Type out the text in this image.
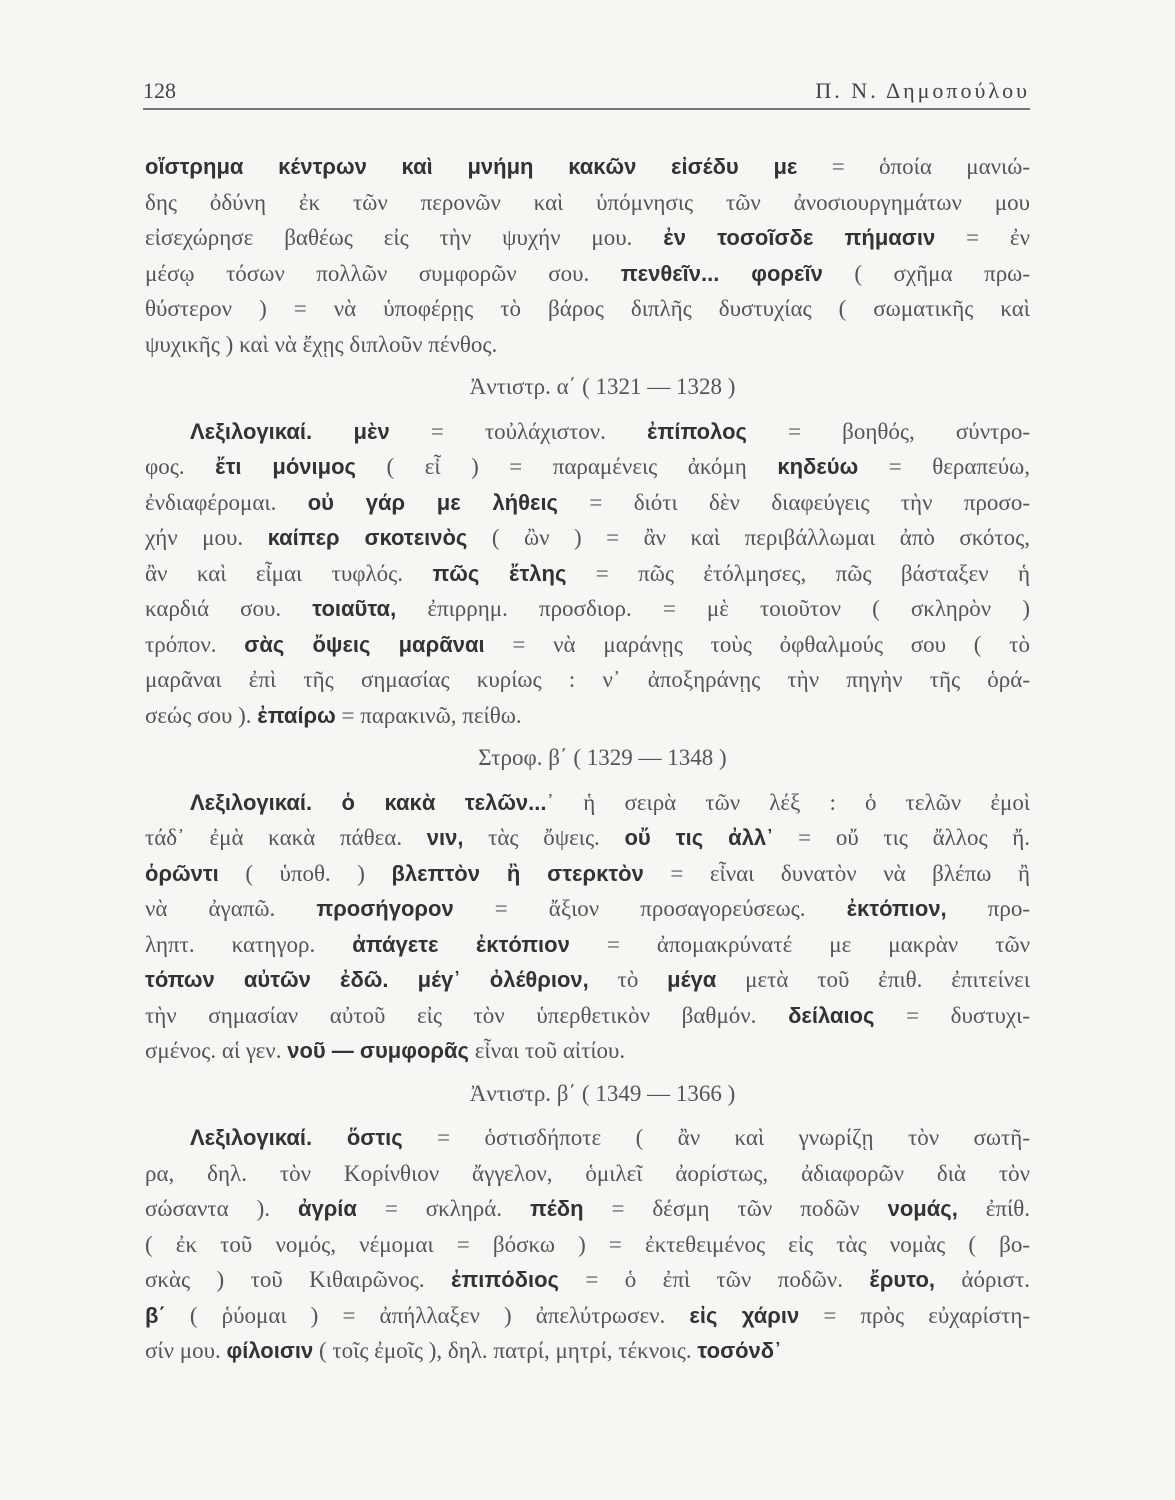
128	Π. Ν. Δημοπούλου
οἴστρημα κέντρων καὶ μνήμη κακῶν εἰσέδυ με = ὁποία μανιώ-
δης ὀδύνη ἐκ τῶν περονῶν καὶ ὑπόμνησις τῶν ἀνοσιουργημάτων μου
εἰσεχώρησε βαθέως εἰς τὴν ψυχήν μου. ἐν τοσοῖσδε πήμασιν = ἐν
μέσῳ τόσων πολλῶν συμφορῶν σου. πενθεῖν... φορεῖν ( σχῆμα πρω-
θύστερον ) = νὰ ὑποφέρῃς τὸ βάρος διπλῆς δυστυχίας ( σωματικῆς καὶ
ψυχικῆς ) καὶ νὰ ἔχῃς διπλοῦν πένθος.
Ἀντιστρ. α΄ ( 1321 — 1328 )
Λεξιλογικαί. μὲν = τοὐλάχιστον. ἐπίπολος = βοηθός, σύντρο-
φος. ἔτι μόνιμος ( εἶ ) = παραμένεις ἀκόμη κηδεύω = θεραπεύω,
ἐνδιαφέρομαι. οὐ γάρ με λήθεις = διότι δὲν διαφεύγεις τὴν προσο-
χήν μου. καίπερ σκοτεινὸς ( ὢν ) = ἂν καὶ περιβάλλωμαι ἀπὸ σκότος,
ἂν καὶ εἶμαι τυφλός. πῶς ἔτλης = πῶς ἐτόλμησες, πῶς βάσταξεν ἡ
καρδιά σου. τοιαῦτα, ἐπιρρημ. προσδιορ. = μὲ τοιοῦτον ( σκληρὸν )
τρόπον. σὰς ὄψεις μαρᾶναι = νὰ μαράνῃς τοὺς ὀφθαλμούς σου ( τὸ
μαρᾶναι ἐπὶ τῆς σημασίας κυρίως : ν᾽ ἀποξηράνῃς τὴν πηγὴν τῆς ὁρά-
σεώς σου ). ἐπαίρω = παρακινῶ, πείθω.
Στροφ. β΄ ( 1329 — 1348 )
Λεξιλογικαί. ὁ κακὰ τελῶν...᾽ ἡ σειρὰ τῶν λέξ : ὁ τελῶν ἐμοὶ
τάδ᾽ ἐμὰ κακὰ πάθεα. νιν, τὰς ὄψεις. οὔ τις ἀλλ᾽ = οὔ τις ἄλλος ἤ.
ὁρῶντι ( ὑποθ. ) βλεπτὸν ἢ στερκτὸν = εἶναι δυνατὸν νὰ βλέπω ἢ
νὰ ἀγαπῶ. προσήγορον = ἄξιον προσαγορεύσεως. ἐκτόπιον, προ-
ληπτ. κατηγορ. ἀπάγετε ἐκτόπιον = ἀπομακρύνατέ με μακρὰν τῶν
τόπων αὐτῶν ἐδῶ. μέγ᾽ ὀλέθριον, τὸ μέγα μετὰ τοῦ ἐπιθ. ἐπιτείνει
τὴν σημασίαν αὐτοῦ εἰς τὸν ὑπερθετικὸν βαθμόν. δείλαιος = δυστυχι-
σμένος. αἱ γεν. νοῦ — συμφορᾶς εἶναι τοῦ αἰτίου.
Ἀντιστρ. β΄ ( 1349 — 1366 )
Λεξιλογικαί. ὅστις = ὁστισδήποτε ( ἂν καὶ γνωρίζῃ τὸν σωτῆ-
ρα, δηλ. τὸν Κορίνθιον ἄγγελον, ὁμιλεῖ ἀορίστως, ἀδιαφορῶν διὰ τὸν
σώσαντα ). ἀγρία = σκληρά. πέδη = δέσμη τῶν ποδῶν νομάς, ἐπίθ.
( ἐκ τοῦ νομός, νέμομαι = βόσκω ) = ἐκτεθειμένος εἰς τὰς νομὰς ( βο-
σκὰς ) τοῦ Κιθαιρῶνος. ἐπιπόδιος = ὁ ἐπὶ τῶν ποδῶν. ἔρυτο, ἀόριστ.
β΄ ( ῥύομαι ) = ἀπήλλαξεν ) ἀπελύτρωσεν. εἰς χάριν = πρὸς εὐχαρίστη-
σίν μου. φίλοισιν ( τοῖς ἐμοῖς ), δηλ. πατρί, μητρί, τέκνοις. τοσόνδ᾽
